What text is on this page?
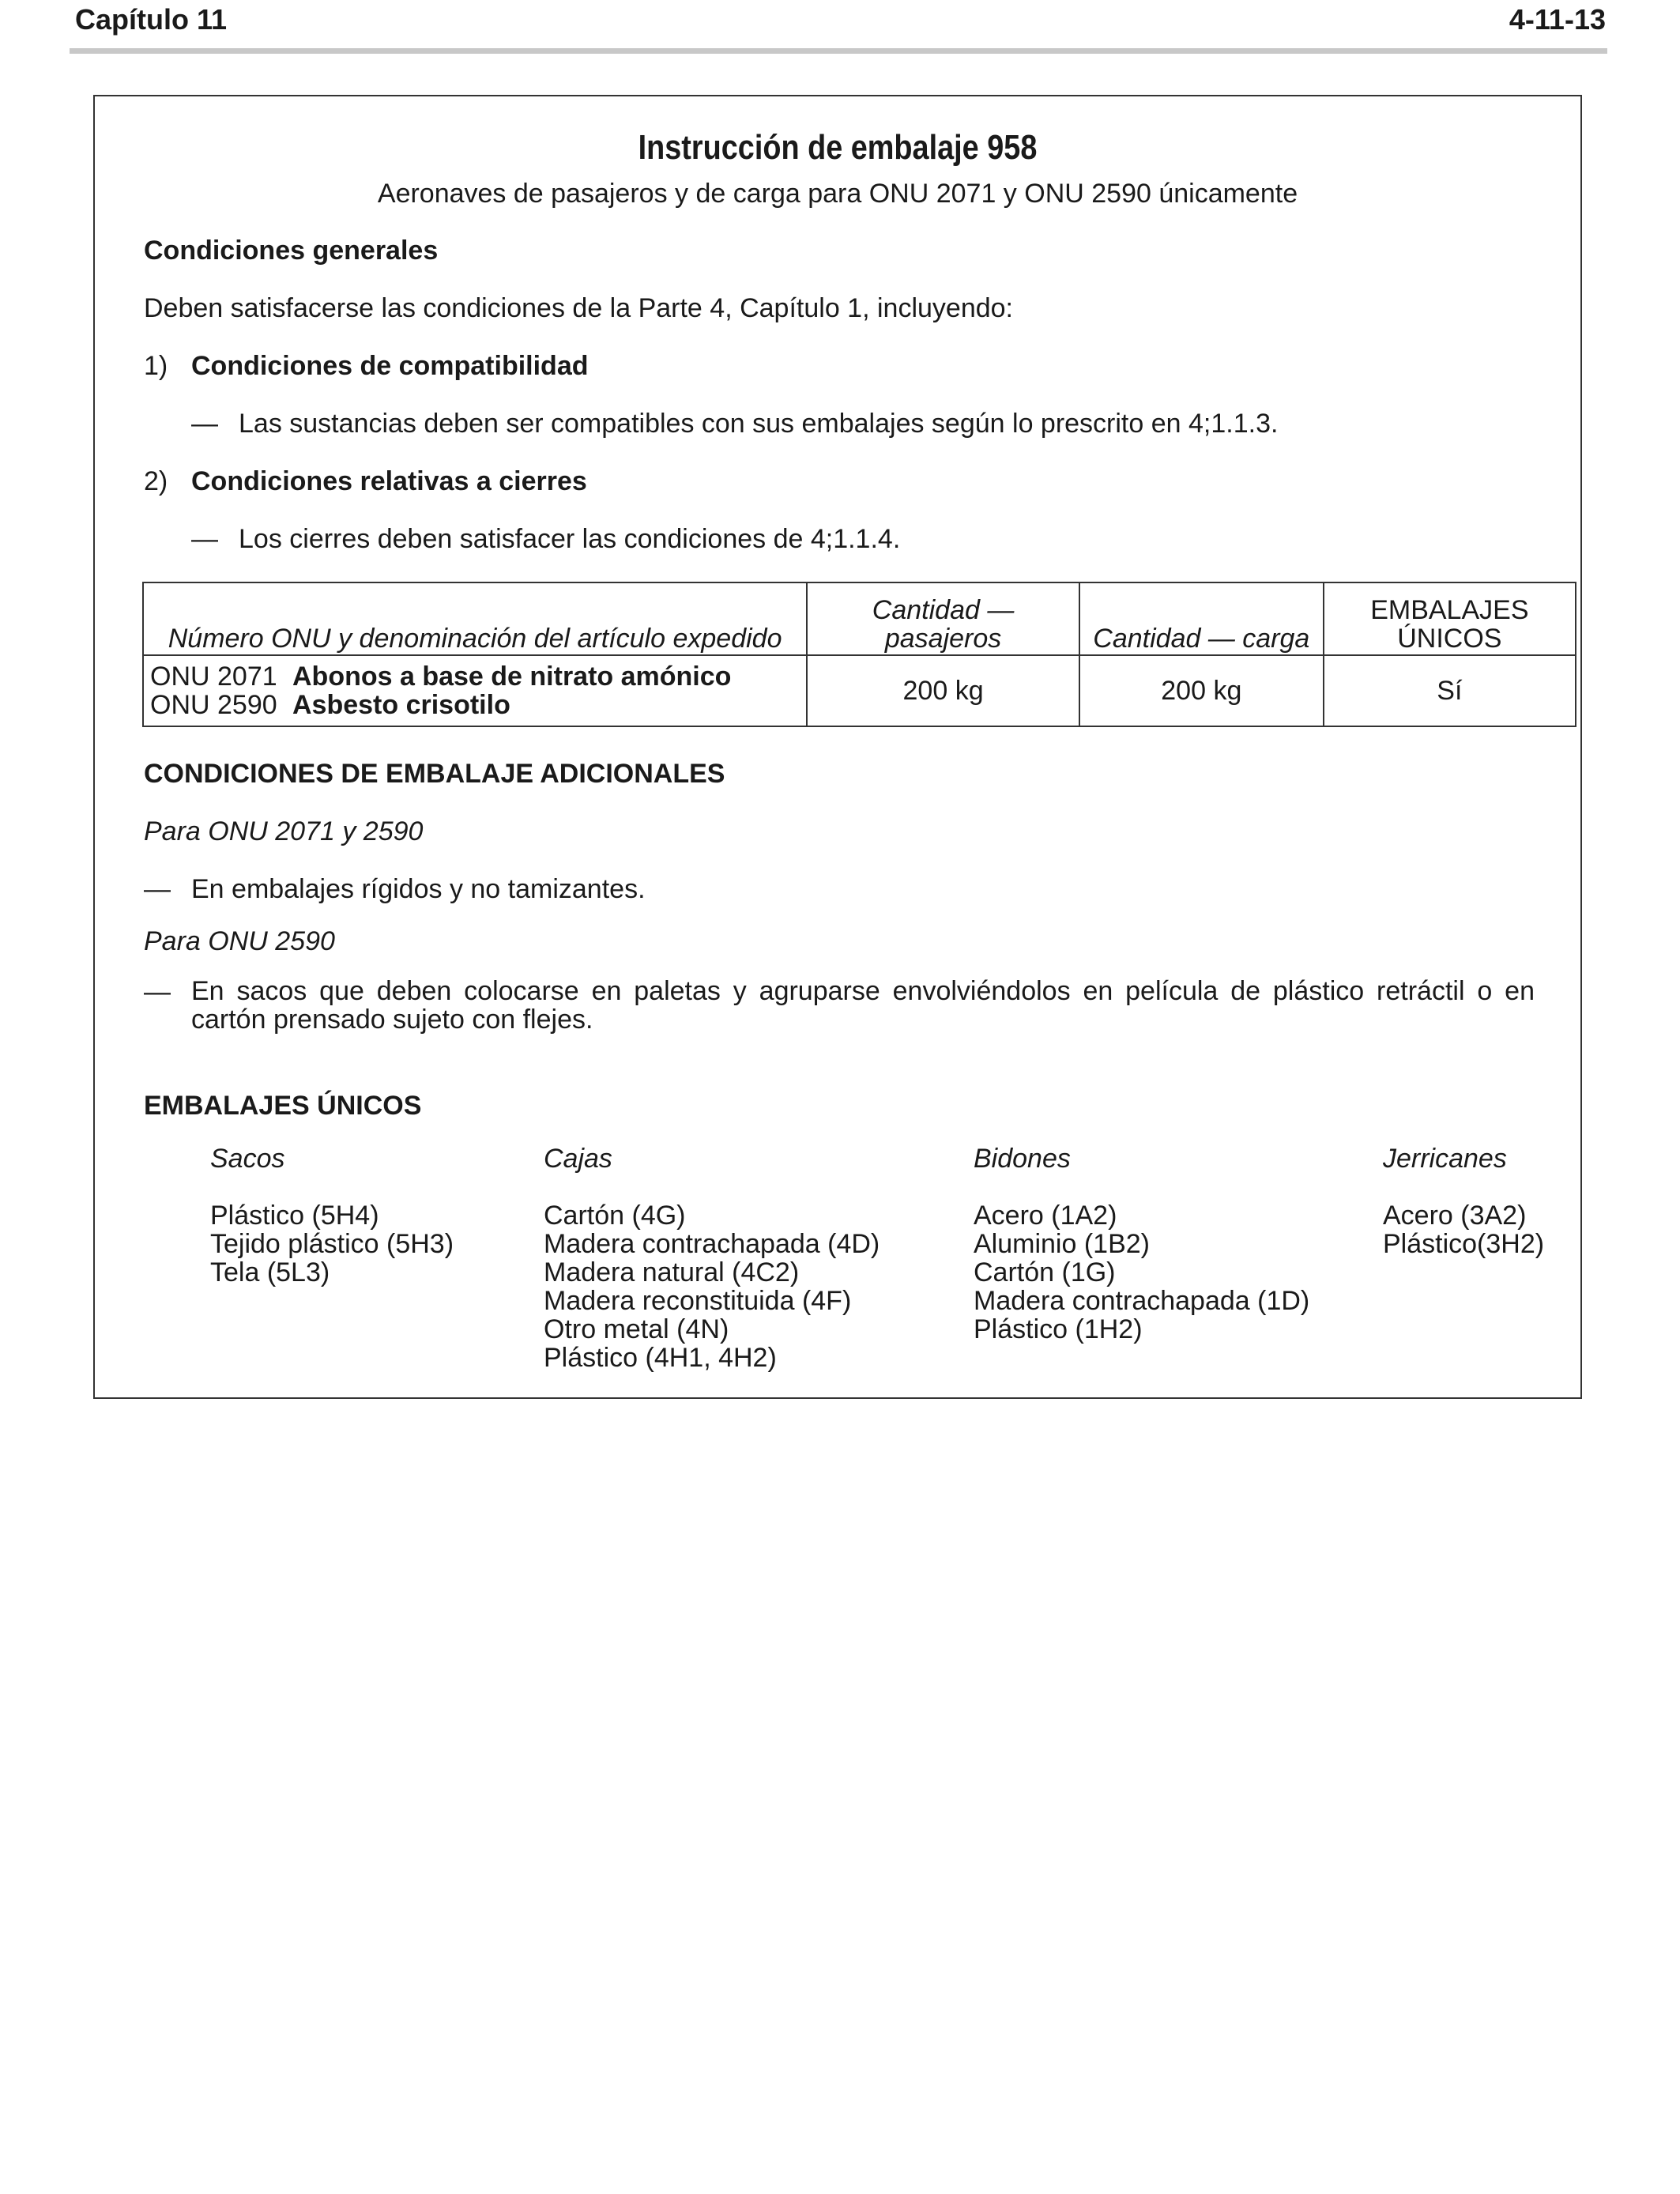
Capítulo 11	4-11-13
Instrucción de embalaje 958
Aeronaves de pasajeros y de carga para ONU 2071 y ONU 2590 únicamente
Condiciones generales
Deben satisfacerse las condiciones de la Parte 4, Capítulo 1, incluyendo:
1) Condiciones de compatibilidad
— Las sustancias deben ser compatibles con sus embalajes según lo prescrito en 4;1.1.3.
2) Condiciones relativas a cierres
— Los cierres deben satisfacer las condiciones de 4;1.1.4.
Número ONU y denominación del artículo expedido	Cantidad — pasajeros	Cantidad — carga	EMBALAJES ÚNICOS

ONU 2071 Abonos a base de nitrato amónico
ONU 2590 Asbesto crisotilo	200 kg	200 kg	Sí
CONDICIONES DE EMBALAJE ADICIONALES
Para ONU 2071 y 2590
— En embalajes rígidos y no tamizantes.
Para ONU 2590
— En sacos que deben colocarse en paletas y agruparse envolviéndolos en película de plástico retráctil o en cartón prensado sujeto con flejes.
EMBALAJES ÚNICOS
Sacos
Plástico (5H4)
Tejido plástico (5H3)
Tela (5L3)
Cajas
Cartón (4G)
Madera contrachapada (4D)
Madera natural (4C2)
Madera reconstituida (4F)
Otro metal (4N)
Plástico (4H1, 4H2)
Bidones
Acero (1A2)
Aluminio (1B2)
Cartón (1G)
Madera contrachapada (1D)
Plástico (1H2)
Jerricanes
Acero (3A2)
Plástico(3H2)
